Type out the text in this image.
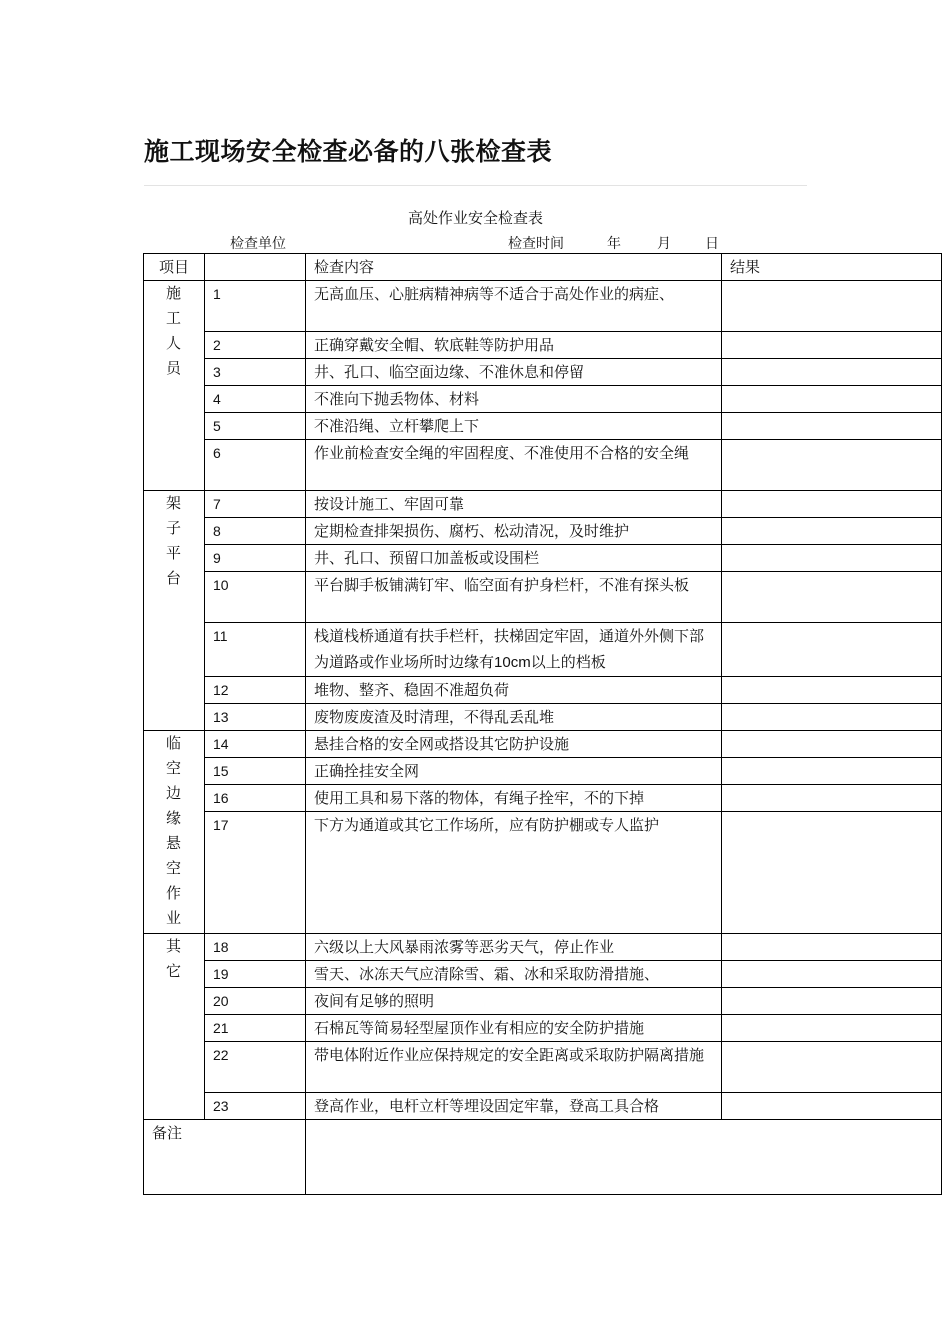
施工现场安全检查必备的八张检查表
高处作业安全检查表
检查单位	检查时间	年	月 日
项目		检查内容	结果

施工人员	1	无高血压、心脏病精神病等不适合于高处作业的病症、	
	2	正确穿戴安全帽、软底鞋等防护用品	
	3	井、孔口、临空面边缘、不准休息和停留	
	4	不准向下抛丢物体、材料	
	5	不准沿绳、立杆攀爬上下	
	6	作业前检查安全绳的牢固程度、不准使用不合格的安全绳	

架子平台	7	按设计施工、牢固可靠	
	8	定期检查排架损伤、腐朽、松动清况，及时维护	
	9	井、孔口、预留口加盖板或设围栏	
	10	平台脚手板铺满钉牢、临空面有护身栏杆，不准有探头板	
	11	栈道栈桥通道有扶手栏杆，扶梯固定牢固，通道外外侧下部为道路或作业场所时边缘有10cm以上的档板	
	12	堆物、整齐、稳固不准超负荷	
	13	废物废废渣及时清理，不得乱丢乱堆	

临空边缘悬空作业	14	悬挂合格的安全网或搭设其它防护设施	
	15	正确拴挂安全网	
	16	使用工具和易下落的物体，有绳子拴牢，不的下掉	
	17	下方为通道或其它工作场所，应有防护棚或专人监护	

其它	18	六级以上大风暴雨浓雾等恶劣天气，停止作业	
	19	雪天、冰冻天气应清除雪、霜、冰和采取防滑措施、	
	20	夜间有足够的照明	
	21	石棉瓦等简易轻型屋顶作业有相应的安全防护措施	
	22	带电体附近作业应保持规定的安全距离或采取防护隔离措施	
	23	登高作业，电杆立杆等埋设固定牢靠，登高工具合格	
备注			
